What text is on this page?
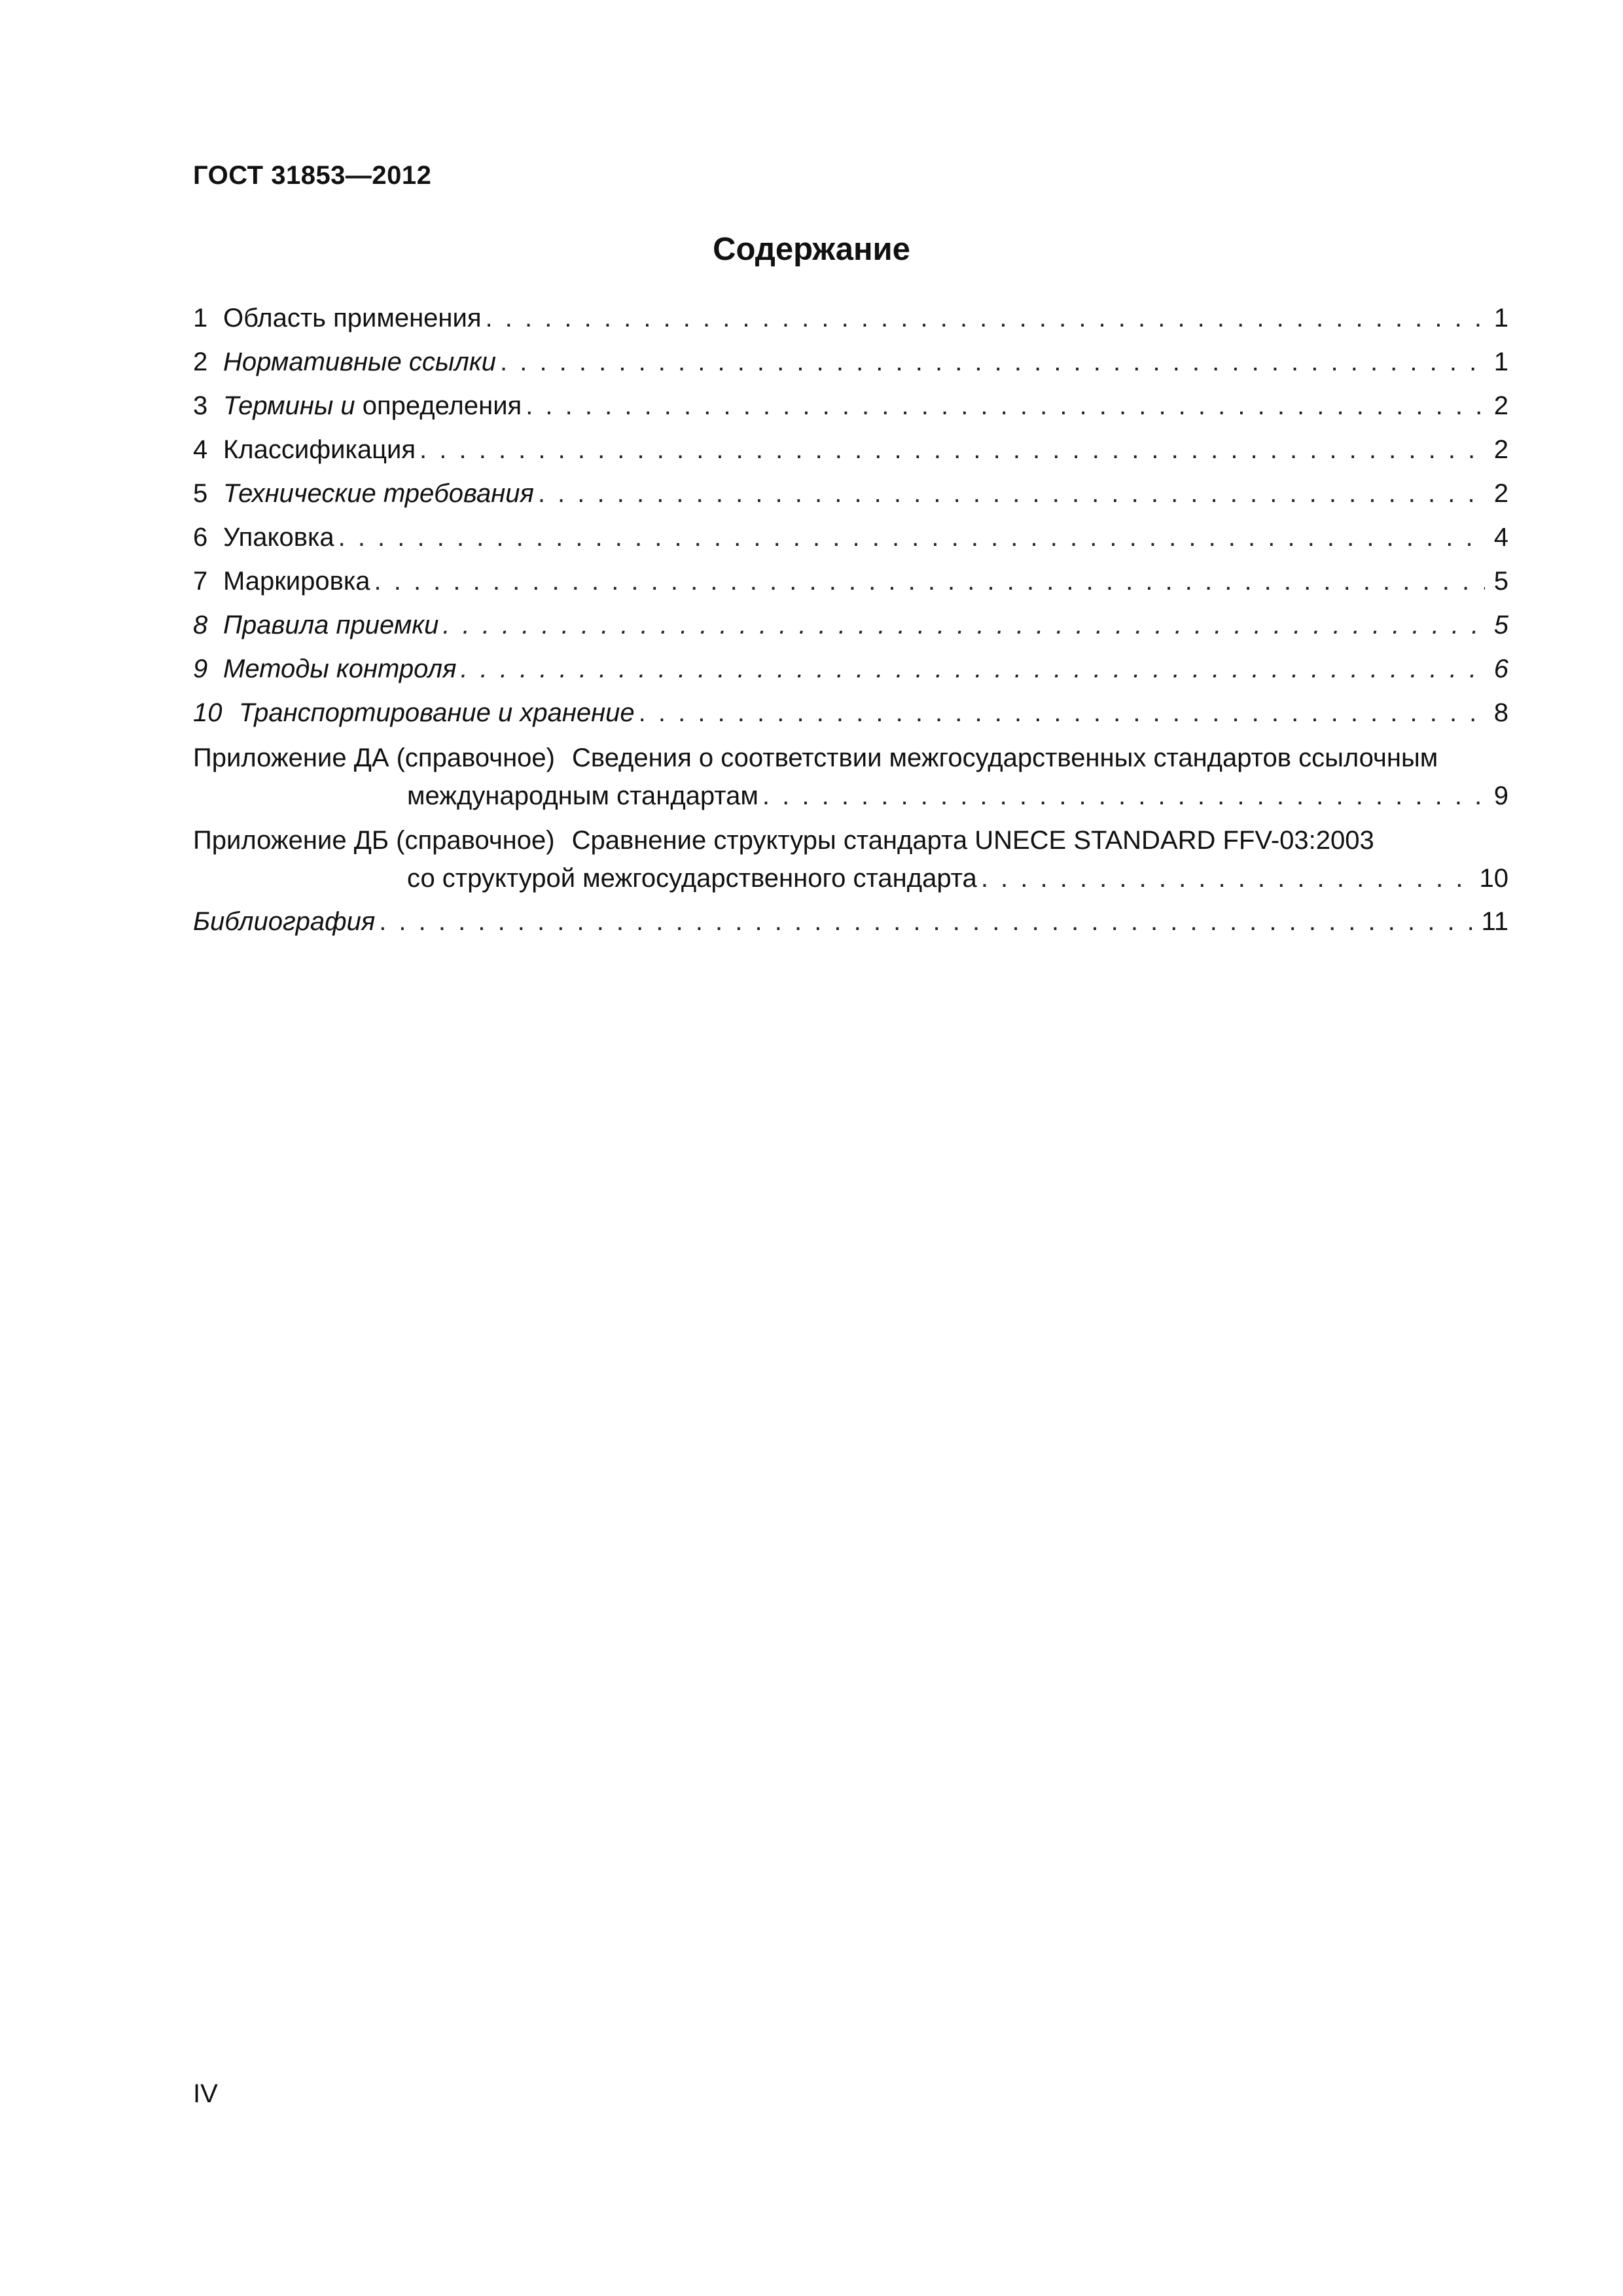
ГОСТ 31853—2012
Содержание
1 Область применения . . .	1
2 Нормативные ссылки . . .	1
3 Термины и определения . . .	2
4 Классификация . . .	2
5 Технические требования . . .	2
6 Упаковка . . .	4
7 Маркировка . . .	5
8 Правила приемки . . .	5
9 Методы контроля . . .	6
10 Транспортирование и хранение . . .	8
Приложение ДА (справочное) Сведения о соответствии межгосударственных стандартов ссылочным
международным стандартам . . .	9
Приложение ДБ (справочное) Сравнение структуры стандарта UNECE STANDARD FFV-03:2003
со структурой межгосударственного стандарта . . .	10
Библиография . . .	11
IV
